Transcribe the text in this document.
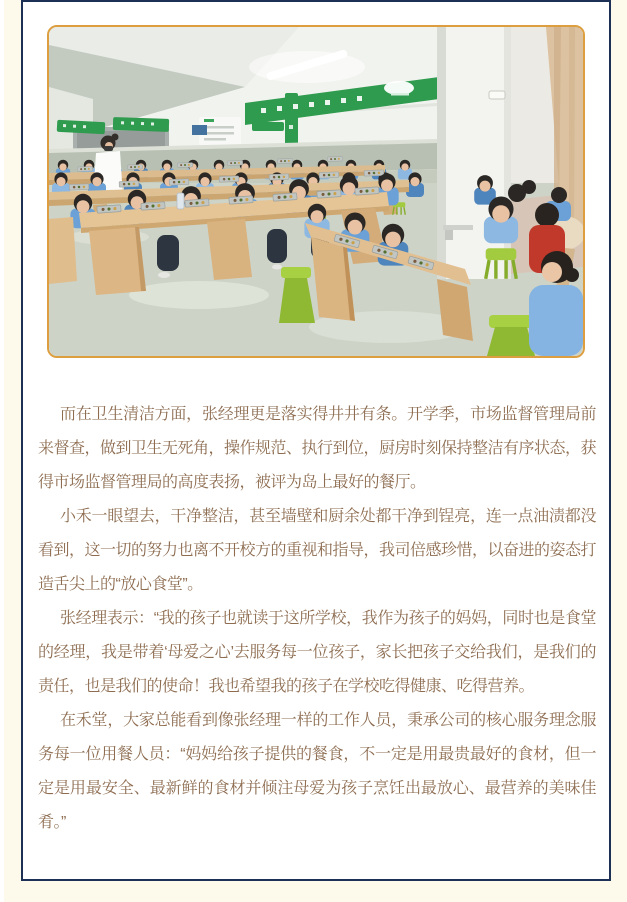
而在卫生清洁方面，张经理更是落实得井井有条。开学季，市场监督管理局前来督查，做到卫生无死角，操作规范、执行到位，厨房时刻保持整洁有序状态，获得市场监督管理局的高度表扬，被评为岛上最好的餐厅。

小禾一眼望去，干净整洁，甚至墙壁和厨余处都干净到锃亮，连一点油渍都没看到，这一切的努力也离不开校方的重视和指导，我司倍感珍惜，以奋进的姿态打造舌尖上的“放心食堂”。

张经理表示：“我的孩子也就读于这所学校，我作为孩子的妈妈，同时也是食堂的经理，我是带着‘母爱之心’去服务每一位孩子，家长把孩子交给我们，是我们的责任，也是我们的使命！我也希望我的孩子在学校吃得健康、吃得营养。

在禾堂，大家总能看到像张经理一样的工作人员，秉承公司的核心服务理念服务每一位用餐人员：“妈妈给孩子提供的餐食，不一定是用最贵最好的食材，但一定是用最安全、最新鲜的食材并倾注母爱为孩子烹饪出最放心、最营养的美味佳肴。”
